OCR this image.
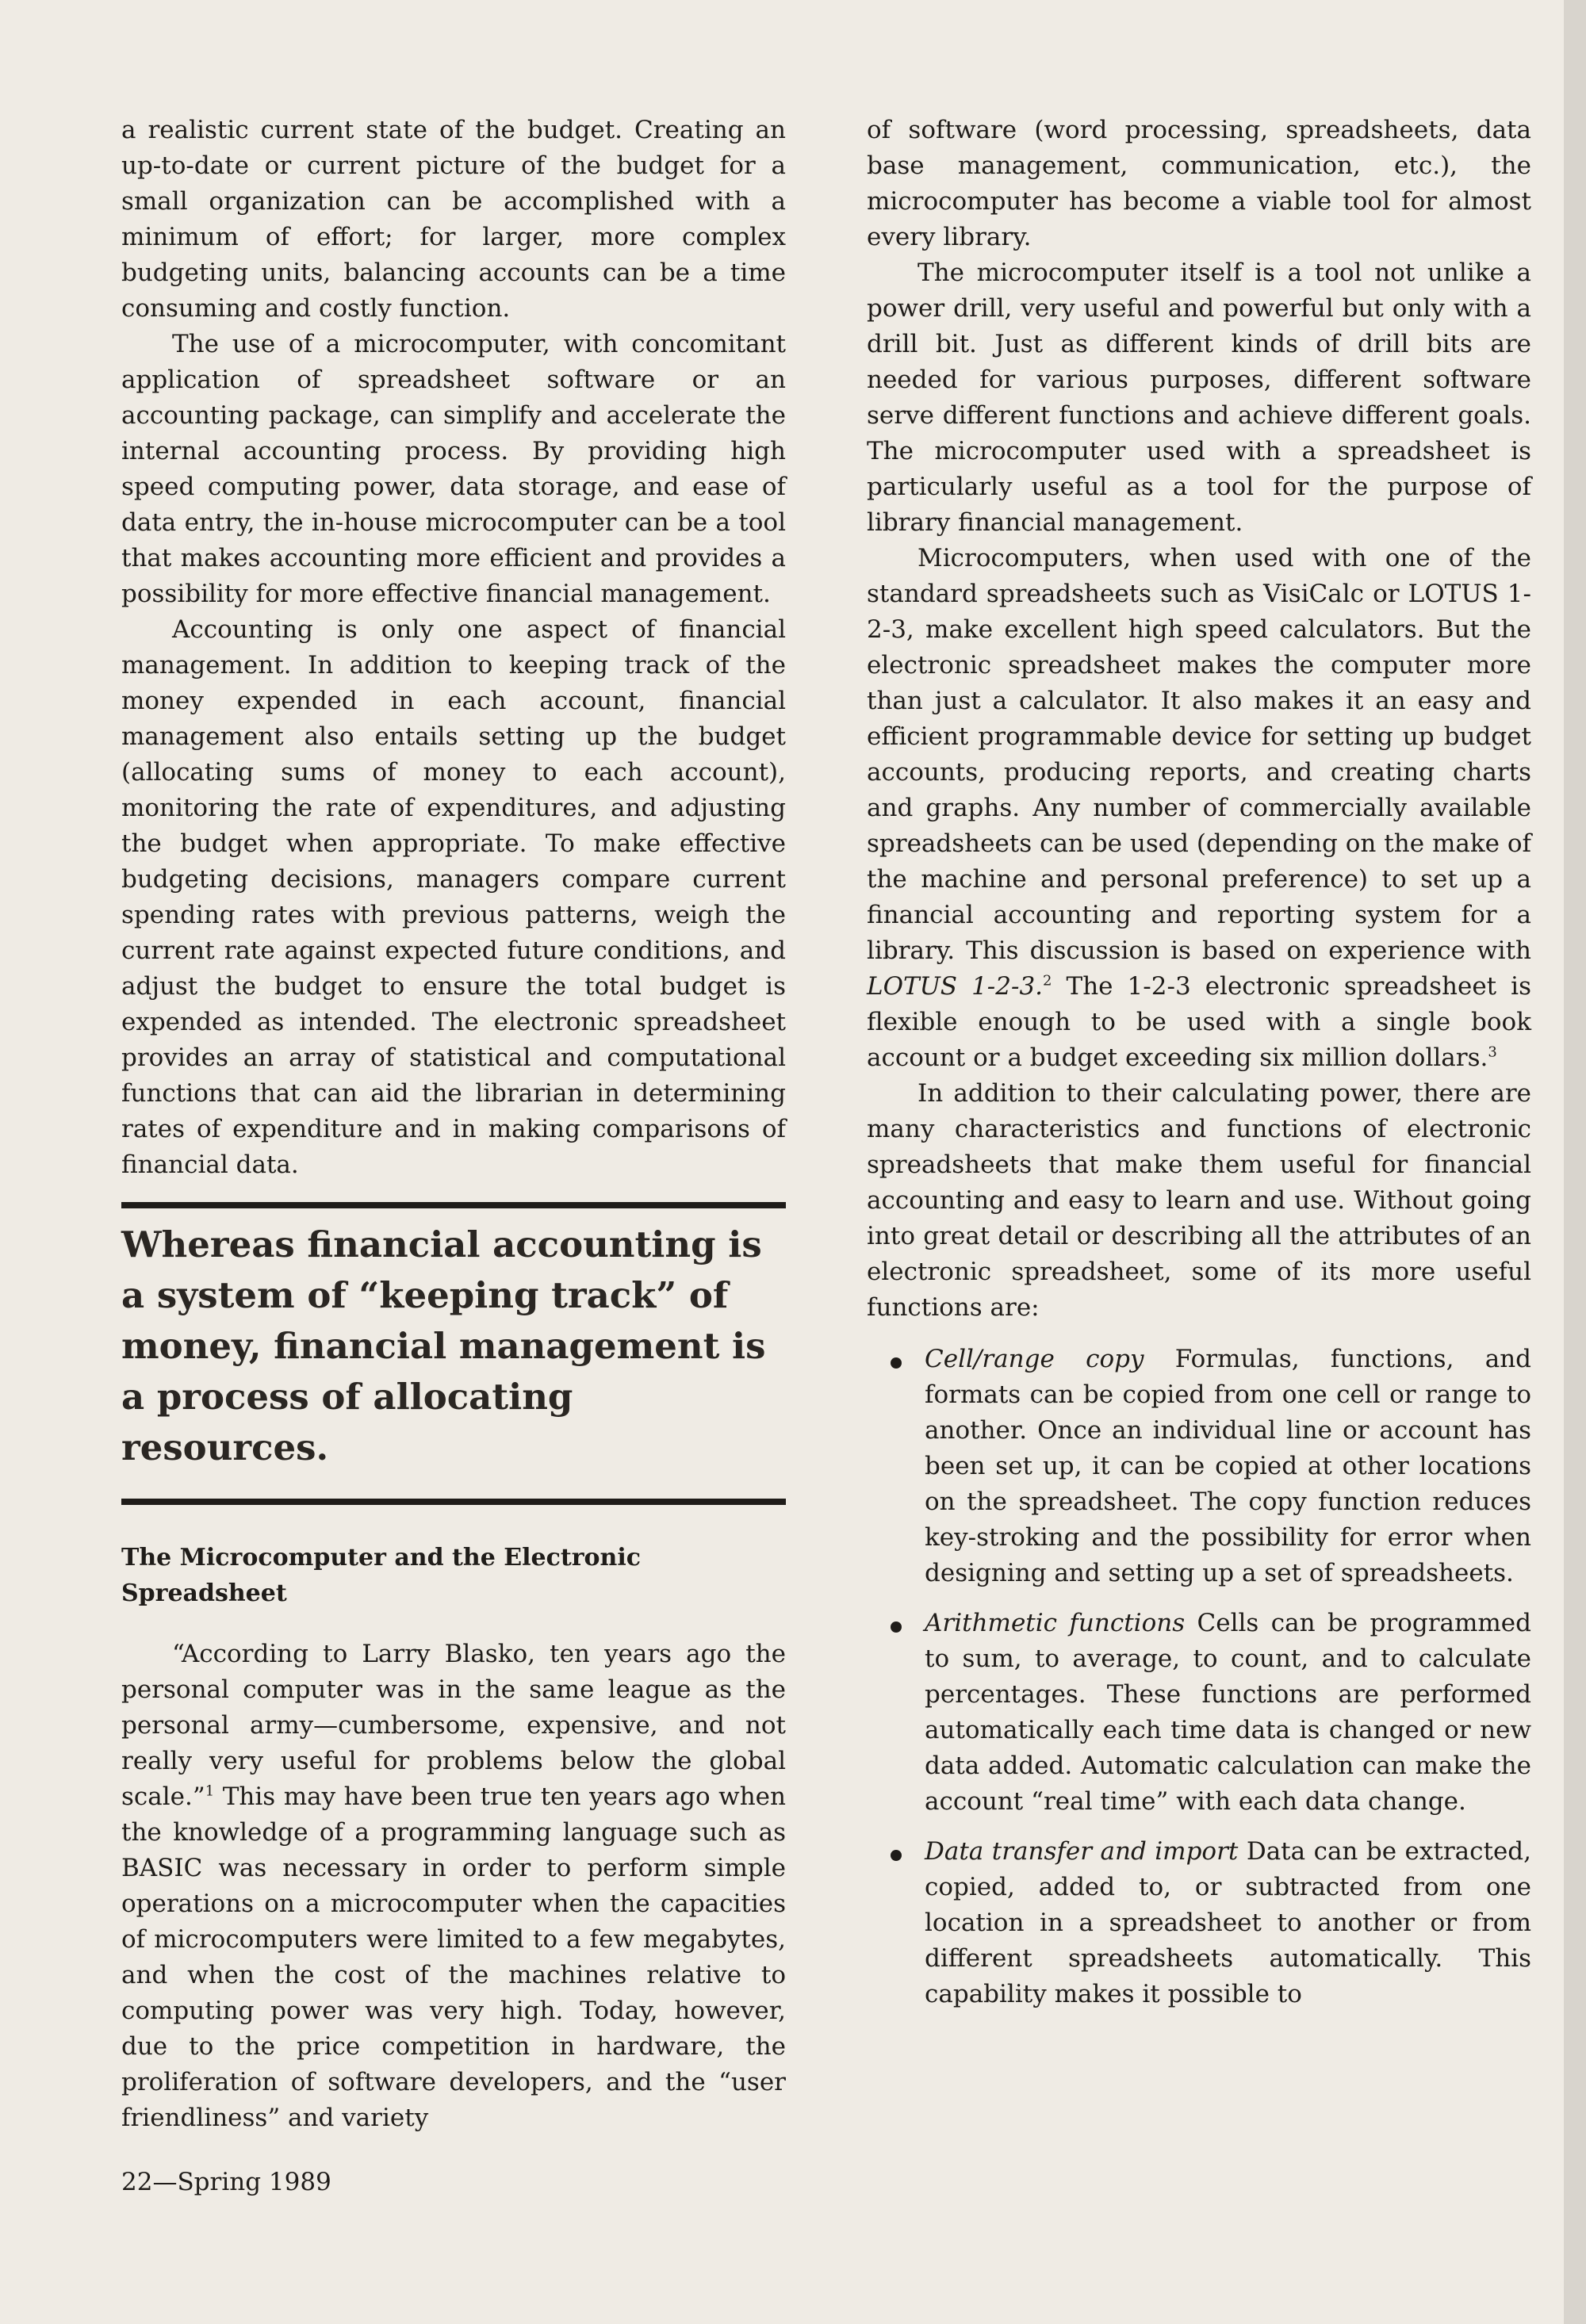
a realistic current state of the budget. Creating an up-to-date or current picture of the budget for a small organization can be accomplished with a minimum of effort; for larger, more complex budgeting units, balancing accounts can be a time consuming and costly function.

The use of a microcomputer, with concomitant application of spreadsheet software or an accounting package, can simplify and accelerate the internal accounting process. By providing high speed computing power, data storage, and ease of data entry, the in-house microcomputer can be a tool that makes accounting more efficient and provides a possibility for more effective financial management.

Accounting is only one aspect of financial management. In addition to keeping track of the money expended in each account, financial management also entails setting up the budget (allocating sums of money to each account), monitoring the rate of expenditures, and adjusting the budget when appropriate. To make effective budgeting decisions, managers compare current spending rates with previous patterns, weigh the current rate against expected future conditions, and adjust the budget to ensure the total budget is expended as intended. The electronic spreadsheet provides an array of statistical and computational functions that can aid the librarian in determining rates of expenditure and in making comparisons of financial data.

Whereas financial accounting is a system of “keeping track” of money, financial management is a process of allocating resources.
The Microcomputer and the Electronic Spreadsheet

“According to Larry Blasko, ten years ago the personal computer was in the same league as the personal army—cumbersome, expensive, and not really very useful for problems below the global scale.”$^1$ This may have been true ten years ago when the knowledge of a programming language such as BASIC was necessary in order to perform simple operations on a microcomputer when the capacities of microcomputers were limited to a few megabytes, and when the cost of the machines relative to computing power was very high. Today, however, due to the price competition in hardware, the proliferation of software developers, and the “user friendliness” and variety

of software (word processing, spreadsheets, data base management, communication, etc.), the microcomputer has become a viable tool for almost every library.

The microcomputer itself is a tool not unlike a power drill, very useful and powerful but only with a drill bit. Just as different kinds of drill bits are needed for various purposes, different software serve different functions and achieve different goals. The microcomputer used with a spreadsheet is particularly useful as a tool for the purpose of library financial management.

Microcomputers, when used with one of the standard spreadsheets such as VisiCalc or LOTUS 1-2-3, make excellent high speed calculators. But the electronic spreadsheet makes the computer more than just a calculator. It also makes it an easy and efficient programmable device for setting up budget accounts, producing reports, and creating charts and graphs. Any number of commercially available spreadsheets can be used (depending on the make of the machine and personal preference) to set up a financial accounting and reporting system for a library. This discussion is based on experience with LOTUS 1-2-3.$^2$ The 1-2-3 electronic spreadsheet is flexible enough to be used with a single book account or a budget exceeding six million dollars.$^3$

In addition to their calculating power, there are many characteristics and functions of electronic spreadsheets that make them useful for financial accounting and easy to learn and use. Without going into great detail or describing all the attributes of an electronic spreadsheet, some of its more useful functions are:

Cell/range copy Formulas, functions, and formats can be copied from one cell or range to another. Once an individual line or account has been set up, it can be copied at other locations on the spreadsheet. The copy function reduces key-stroking and the possibility for error when designing and setting up a set of spreadsheets.

Arithmetic functions Cells can be programmed to sum, to average, to count, and to calculate percentages. These functions are performed automatically each time data is changed or new data added. Automatic calculation can make the account “real time” with each data change.

Data transfer and import Data can be extracted, copied, added to, or subtracted from one location in a spreadsheet to another or from different spreadsheets automatically. This capability makes it possible to

22—Spring 1989
